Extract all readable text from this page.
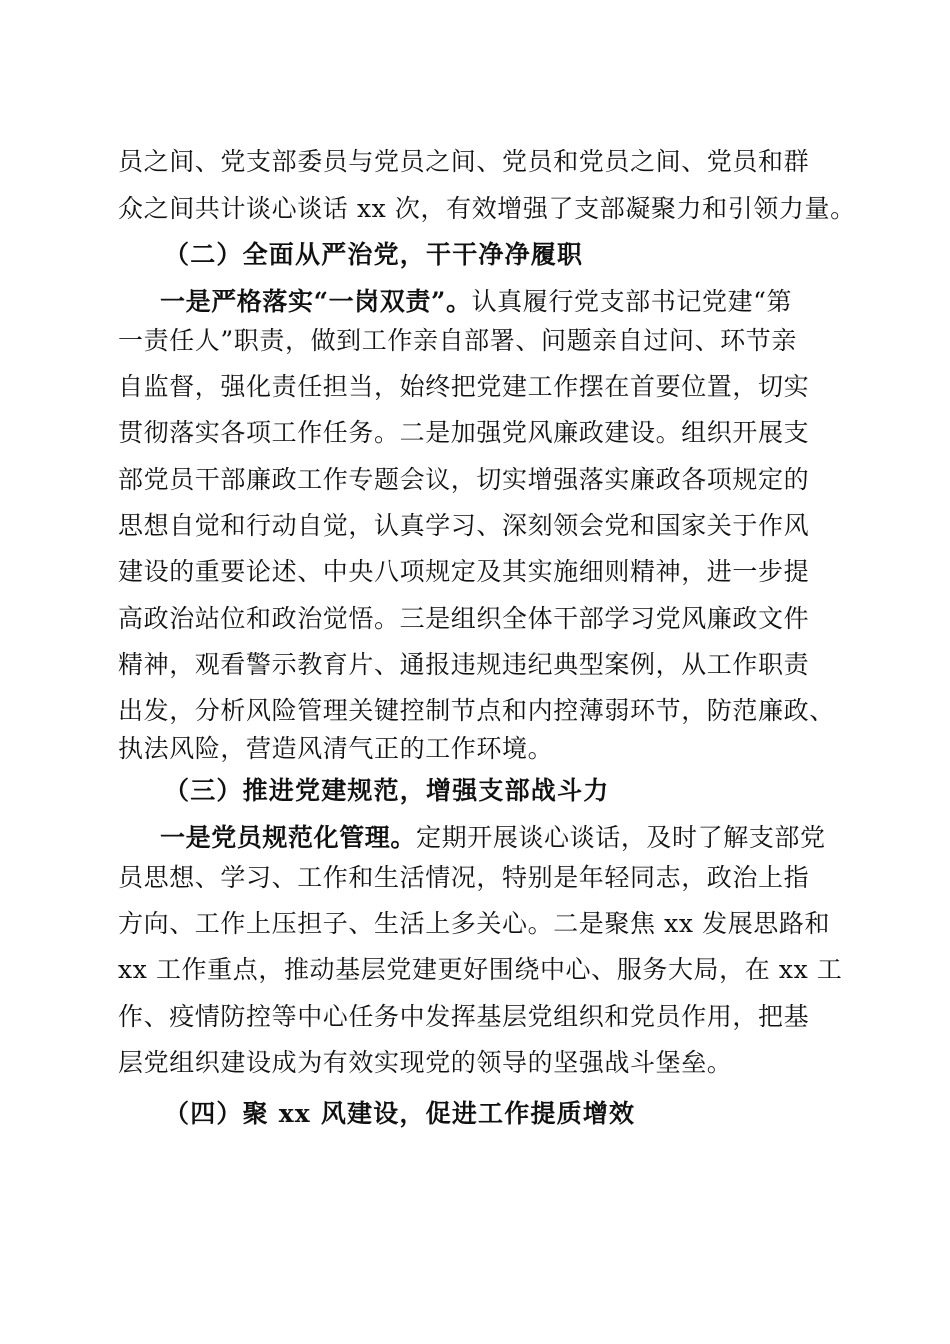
员之间、党支部委员与党员之间、党员和党员之间、党员和群
众之间共计谈心谈话 xx 次，有效增强了支部凝聚力和引领力量。
（二）全面从严治党，干干净净履职
一是严格落实“一岗双责”。认真履行党支部书记党建“第
一责任人”职责，做到工作亲自部署、问题亲自过问、环节亲
自监督，强化责任担当，始终把党建工作摆在首要位置，切实
贯彻落实各项工作任务。二是加强党风廉政建设。组织开展支
部党员干部廉政工作专题会议，切实增强落实廉政各项规定的
思想自觉和行动自觉，认真学习、深刻领会党和国家关于作风
建设的重要论述、中央八项规定及其实施细则精神，进一步提
高政治站位和政治觉悟。三是组织全体干部学习党风廉政文件
精神，观看警示教育片、通报违规违纪典型案例，从工作职责
出发，分析风险管理关键控制节点和内控薄弱环节，防范廉政、
执法风险，营造风清气正的工作环境。
（三）推进党建规范，增强支部战斗力
一是党员规范化管理。定期开展谈心谈话，及时了解支部党
员思想、学习、工作和生活情况，特别是年轻同志，政治上指
方向、工作上压担子、生活上多关心。二是聚焦 xx 发展思路和
xx 工作重点，推动基层党建更好围绕中心、服务大局，在 xx 工
作、疫情防控等中心任务中发挥基层党组织和党员作用，把基
层党组织建设成为有效实现党的领导的坚强战斗堡垒。
（四）聚 xx 风建设，促进工作提质增效
